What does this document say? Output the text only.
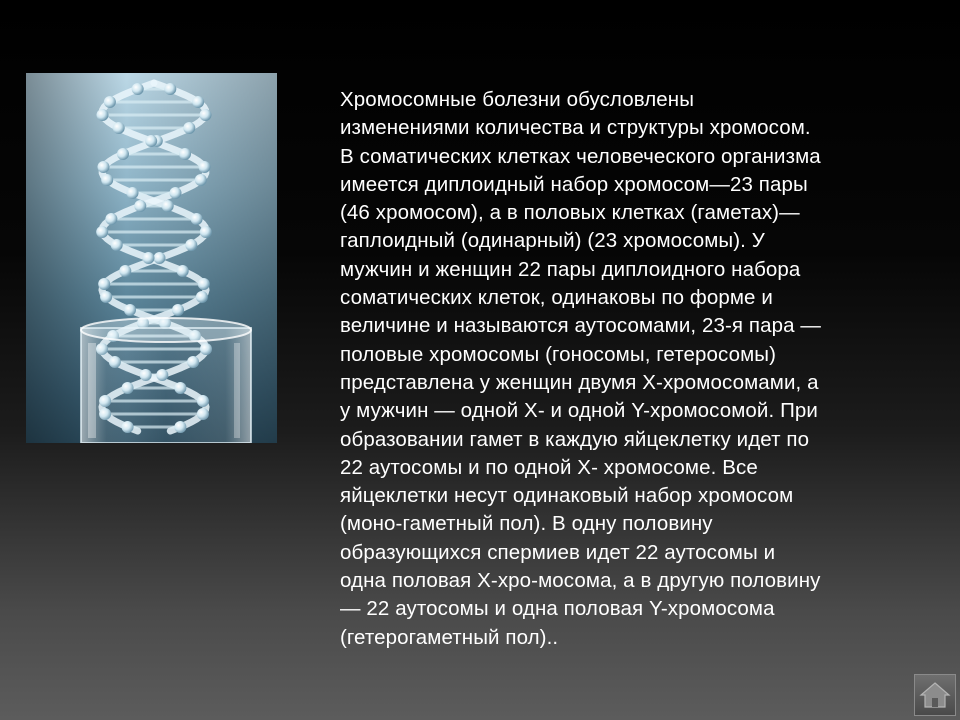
Хромосомные болезни обусловлены
изменениями количества и структуры хромосом.
В соматических клетках человеческого организма
имеется диплоидный набор хромосом—23 пары
(46 хромосом), а в половых клетках (гаметах)—
гаплоидный (одинарный) (23 хромосомы). У
мужчин и женщин 22 пары диплоидного набора
соматических клеток, одинаковы по форме и
величине и называются аутосомами, 23-я пара —
половые хромосомы (гоносомы, гетеросомы)
представлена у женщин двумя Х-хромосомами, а
у мужчин — одной Х- и одной Y-хромосомой. При
образовании гамет в каждую яйцеклетку идет по
22 аутосомы и по одной Х- хромосоме. Все
яйцеклетки несут одинаковый набор хромосом
(моно-гаметный пол). В одну половину
образующихся спермиев идет 22 аутосомы и
одна половая Х-хро-мосома, а в другую половину
— 22 аутосомы и одна половая Y-хромосома
(гетерогаметный пол)..
